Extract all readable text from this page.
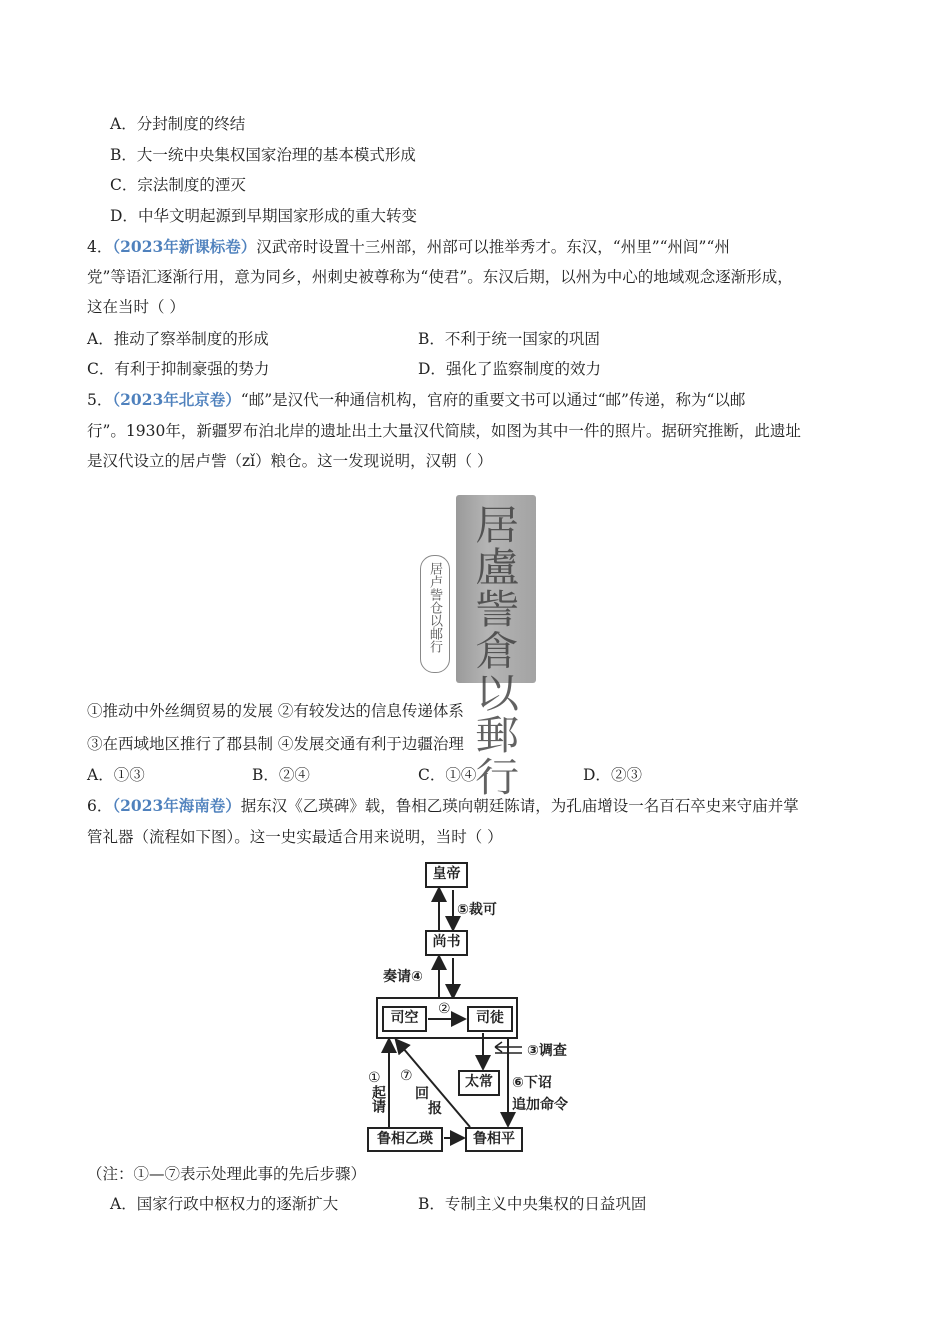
A．分封制度的终结
B．大一统中央集权国家治理的基本模式形成
C．宗法制度的湮灭
D．中华文明起源到早期国家形成的重大转变
4．（2023年新课标卷）汉武帝时设置十三州部，州部可以推举秀才。东汉，“州里”“州闾”“州
党”等语汇逐渐行用，意为同乡，州刺史被尊称为“使君”。东汉后期，以州为中心的地域观念逐渐形成，
这在当时（ ）
A．推动了察举制度的形成	B．不利于统一国家的巩固
C．有利于抑制豪强的势力	D．强化了监察制度的效力
5．（2023年北京卷）“邮”是汉代一种通信机构，官府的重要文书可以通过“邮”传递，称为“以邮
行”。1930年，新疆罗布泊北岸的遗址出土大量汉代简牍，如图为其中一件的照片。据研究推断，此遗址
是汉代设立的居卢訾（zǐ）粮仓。这一发现说明，汉朝（ ）
居盧訾
倉以
郵行
居卢訾仓以邮行
①推动中外丝绸贸易的发展 ②有较发达的信息传递体系
③在西域地区推行了郡县制 ④发展交通有利于边疆治理
A．①③	B．②④	C．①④	D．②③
6．（2023年海南卷）据东汉《乙瑛碑》载，鲁相乙瑛向朝廷陈请，为孔庙增设一名百石卒史来守庙并掌
管礼器（流程如下图）。这一史实最适合用来说明，当时（ ）
皇帝
尚书
司空	司徒
太常
鲁相乙瑛	鲁相平
⑤裁可
奏请④
②
③调查
⑥下诏
追加命令
①
起请
⑦
回
报
（注：①—⑦表示处理此事的先后步骤）
A．国家行政中枢权力的逐渐扩大	B．专制主义中央集权的日益巩固
